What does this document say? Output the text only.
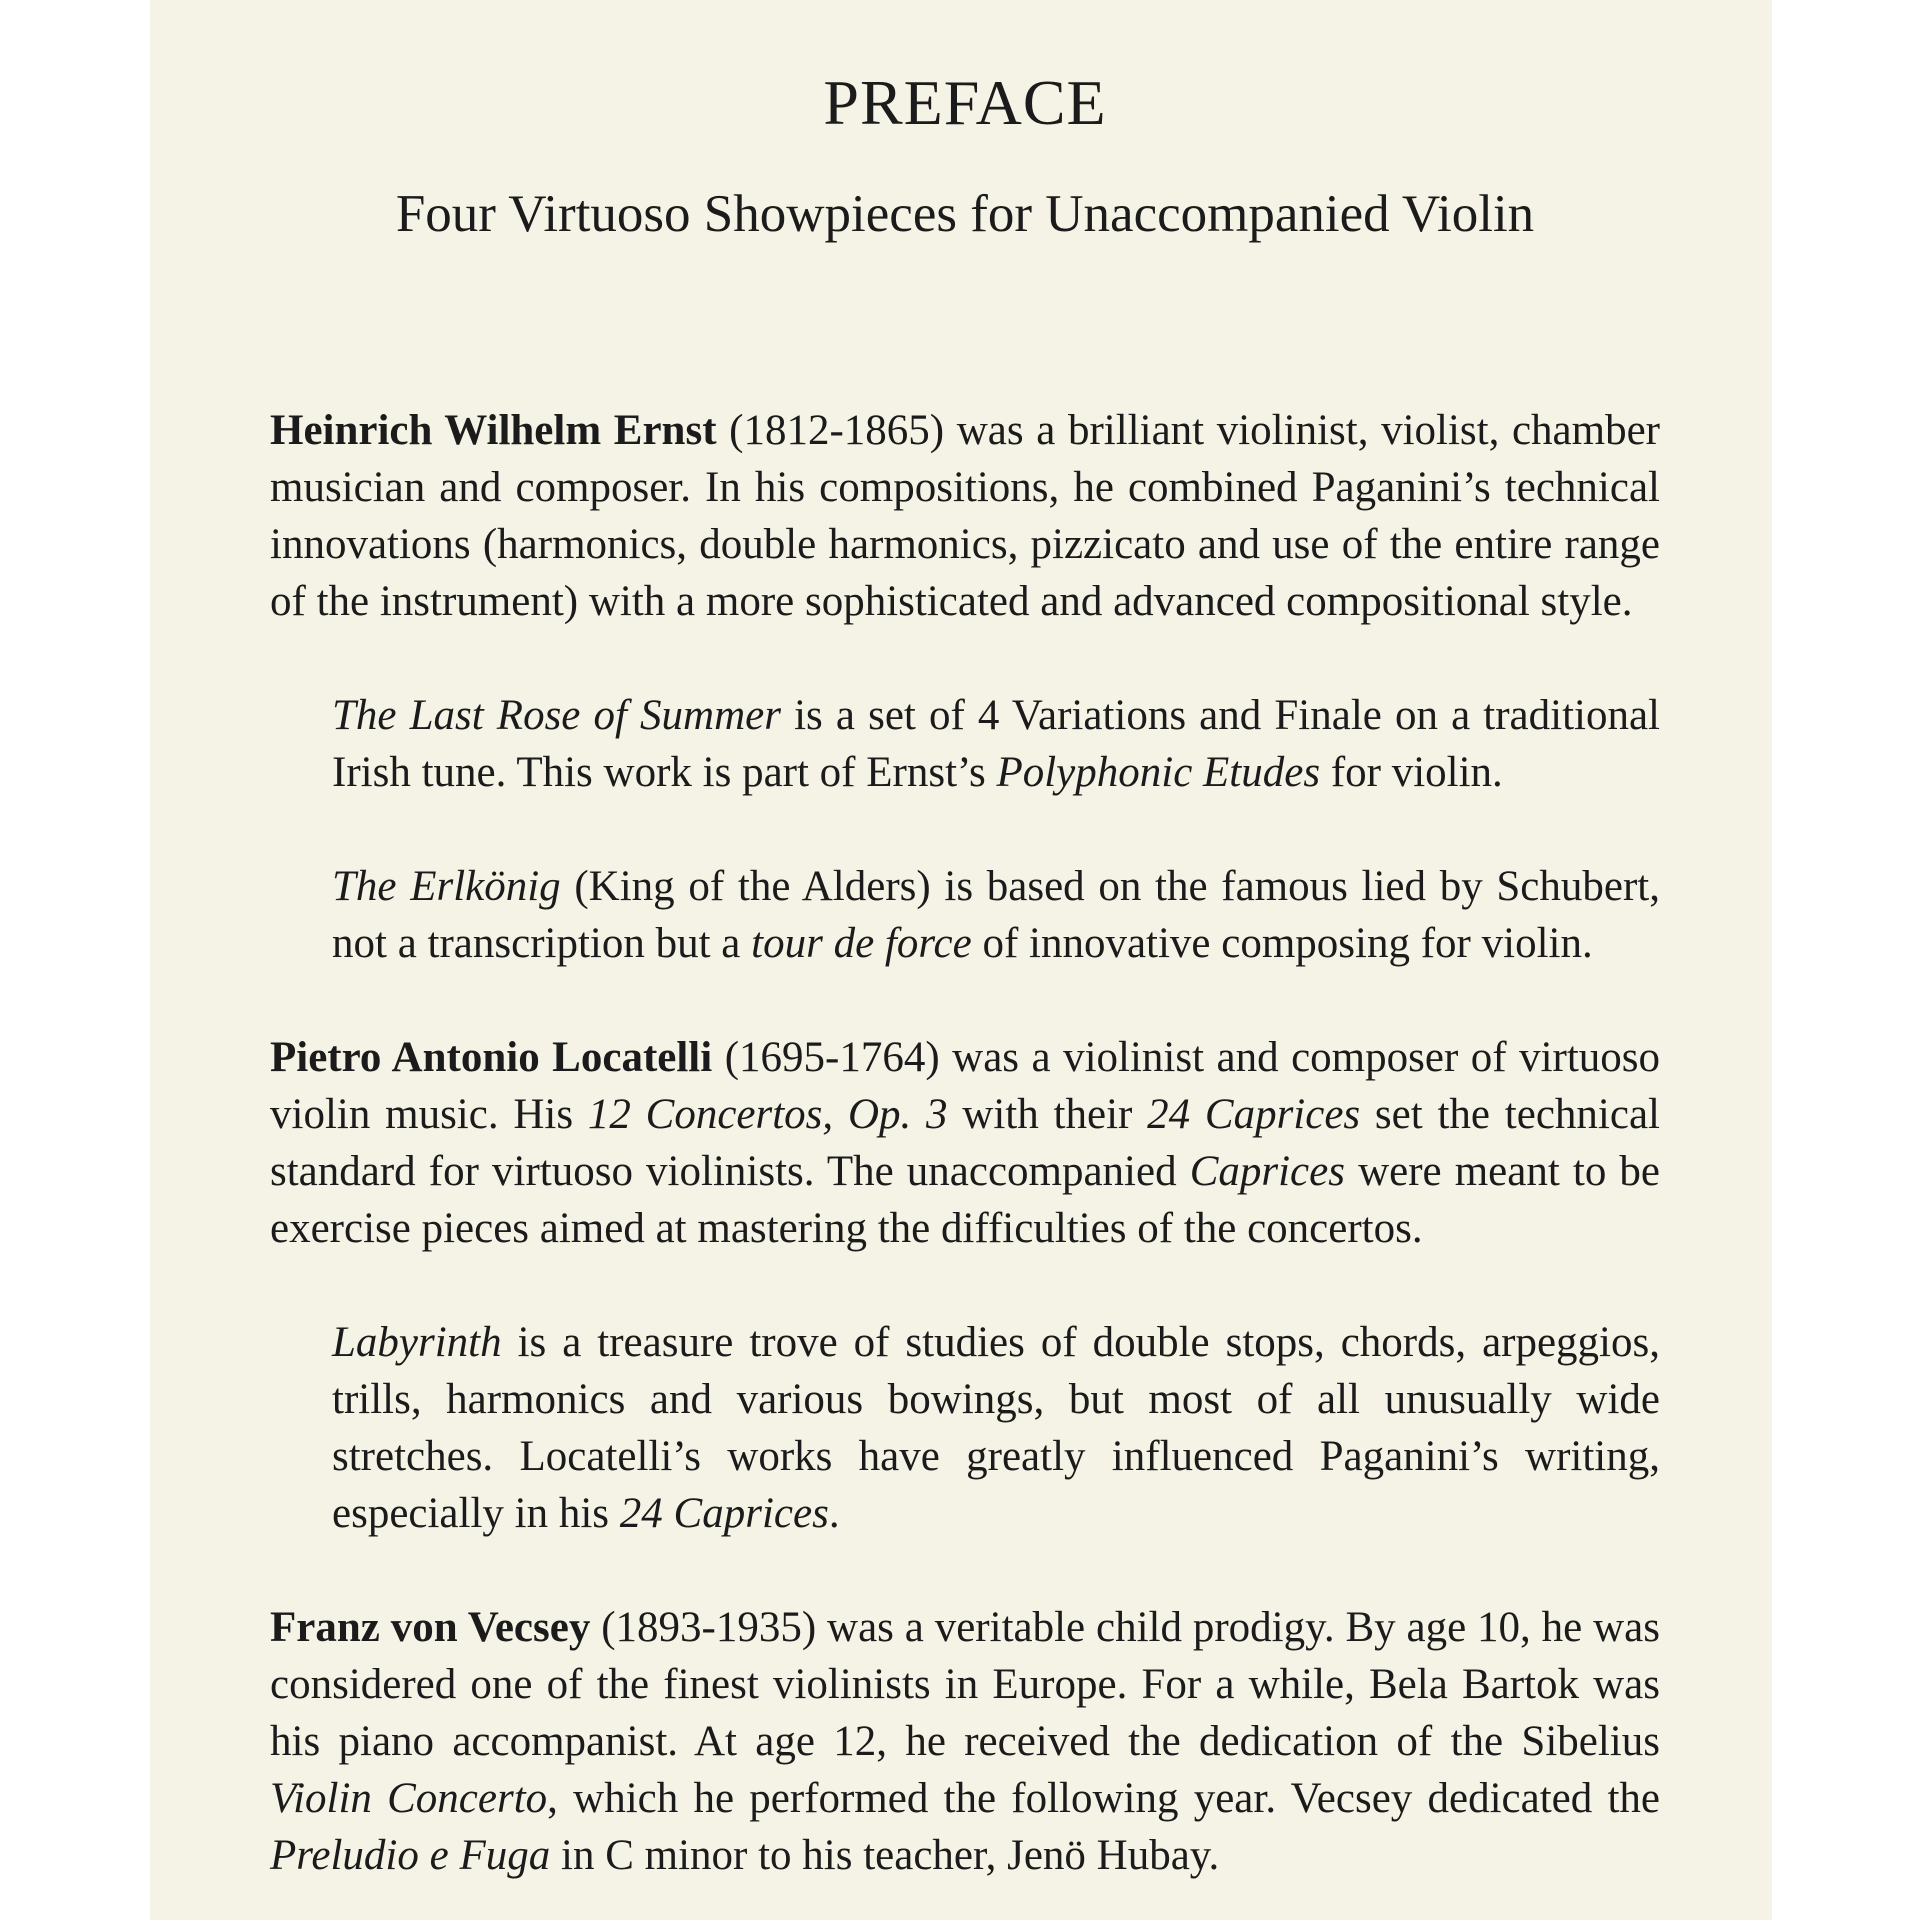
PREFACE
Four Virtuoso Showpieces for Unaccompanied Violin

Heinrich Wilhelm Ernst (1812-1865) was a brilliant violinist, violist, chamber musician and composer. In his compositions, he combined Paganini’s technical innovations (harmonics, double harmonics, pizzicato and use of the entire range of the instrument) with a more sophisticated and advanced compositional style.

The Last Rose of Summer is a set of 4 Variations and Finale on a traditional Irish tune. This work is part of Ernst’s Polyphonic Etudes for violin.

The Erlkönig (King of the Alders) is based on the famous lied by Schubert, not a transcription but a tour de force of innovative composing for violin.

Pietro Antonio Locatelli (1695-1764) was a violinist and composer of virtuoso violin music. His 12 Concertos, Op. 3 with their 24 Caprices set the technical standard for virtuoso violinists. The unaccompanied Caprices were meant to be exercise pieces aimed at mastering the difficulties of the concertos.

Labyrinth is a treasure trove of studies of double stops, chords, arpeggios, trills, harmonics and various bowings, but most of all unusually wide stretches. Locatelli’s works have greatly influenced Paganini’s writing, especially in his 24 Caprices.

Franz von Vecsey (1893-1935) was a veritable child prodigy. By age 10, he was considered one of the finest violinists in Europe. For a while, Bela Bartok was his piano accompanist. At age 12, he received the dedication of the Sibelius Violin Concerto, which he performed the following year. Vecsey dedicated the Preludio e Fuga in C minor to his teacher, Jenö Hubay.
